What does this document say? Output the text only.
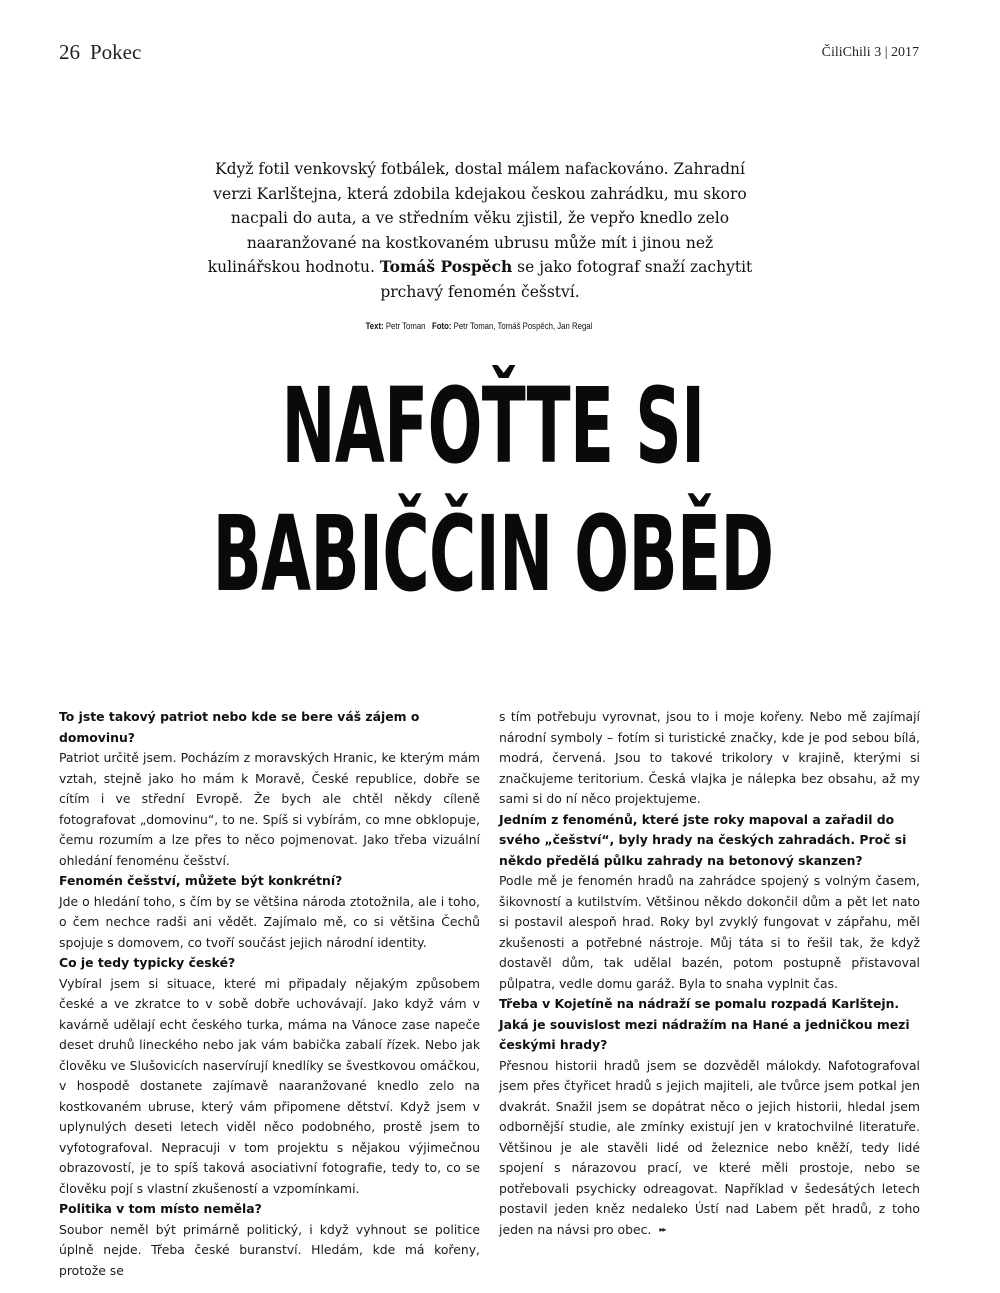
26 Pokec	ČiliChili 3 | 2017
Když fotil venkovský fotbálek, dostal málem nafackováno. Zahradní verzi Karlštejna, která zdobila kdejakou českou zahrádku, mu skoro nacpali do auta, a ve středním věku zjistil, že vepřo knedlo zelo naaranžované na kostkovaném ubrusu může mít i jinou než kulinářskou hodnotu. Tomáš Pospěch se jako fotograf snaží zachytit prchavý fenomén češství.
Text: Petr Toman Foto: Petr Toman, Tomáš Pospěch, Jan Regal
NAFOŤTE SI
BABIČČIN OBĚD

To jste takový patriot nebo kde se bere váš zájem o domovinu?

Patriot určitě jsem. Pocházím z moravských Hranic, ke kterým mám vztah, stejně jako ho mám k Moravě, České republice, dobře se cítím i ve střední Evropě. Že bych ale chtěl někdy cíleně fotografovat „domovinu“, to ne. Spíš si vybírám, co mne obklopuje, čemu rozumím a lze přes to něco pojmenovat. Jako třeba vizuální ohledání fenoménu češství.

Fenomén češství, můžete být konkrétní?

Jde o hledání toho, s čím by se většina národa ztotožnila, ale i toho, o čem nechce radši ani vědět. Zajímalo mě, co si většina Čechů spojuje s domovem, co tvoří součást jejich národní identity.

Co je tedy typicky české?

Vybíral jsem si situace, které mi připadaly nějakým způsobem české a ve zkratce to v sobě dobře uchovávají. Jako když vám v kavárně udělají echt českého turka, máma na Vánoce zase napeče deset druhů lineckého nebo jak vám babička zabalí řízek. Nebo jak člověku ve Slušovicích naservírují knedlíky se švestkovou omáčkou, v hospodě dostanete zajímavě naaranžované knedlo zelo na kostkovaném ubruse, který vám připomene dětství. Když jsem v uplynulých deseti letech viděl něco podobného, prostě jsem to vyfotografoval. Nepracuji v tom projektu s nějakou výjimečnou obrazovostí, je to spíš taková asociativní fotografie, tedy to, co se člověku pojí s vlastní zkušeností a vzpomínkami.

Politika v tom místo neměla?

Soubor neměl být primárně politický, i když vyhnout se politice úplně nejde. Třeba české buranství. Hledám, kde má kořeny, protože se

s tím potřebuju vyrovnat, jsou to i moje kořeny. Nebo mě zajímají národní symboly – fotím si turistické značky, kde je pod sebou bílá, modrá, červená. Jsou to takové trikolory v krajině, kterými si značkujeme teritorium. Česká vlajka je nálepka bez obsahu, až my sami si do ní něco projektujeme.

Jedním z fenoménů, které jste roky mapoval a zařadil do svého „češství“, byly hrady na českých zahradách. Proč si někdo předělá půlku zahrady na betonový skanzen?

Podle mě je fenomén hradů na zahrádce spojený s volným časem, šikovností a kutilstvím. Většinou někdo dokončil dům a pět let nato si postavil alespoň hrad. Roky byl zvyklý fungovat v zápřahu, měl zkušenosti a potřebné nástroje. Můj táta si to řešil tak, že když dostavěl dům, tak udělal bazén, potom postupně přistavoval půlpatra, vedle domu garáž. Byla to snaha vyplnit čas.

Třeba v Kojetíně na nádraží se pomalu rozpadá Karlštejn. Jaká je souvislost mezi nádražím na Hané a jedničkou mezi českými hrady?

Přesnou historii hradů jsem se dozvěděl málokdy. Nafotografoval jsem přes čtyřicet hradů s jejich majiteli, ale tvůrce jsem potkal jen dvakrát. Snažil jsem se dopátrat něco o jejich historii, hledal jsem odbornější studie, ale zmínky existují jen v kratochvilné literatuře. Většinou je ale stavěli lidé od železnice nebo kněží, tedy lidé spojení s nárazovou prací, ve které měli prostoje, nebo se potřebovali psychicky odreagovat. Například v šedesátých letech postavil jeden kněz nedaleko Ústí nad Labem pět hradů, z toho jeden na návsi pro obec. ▸▸
